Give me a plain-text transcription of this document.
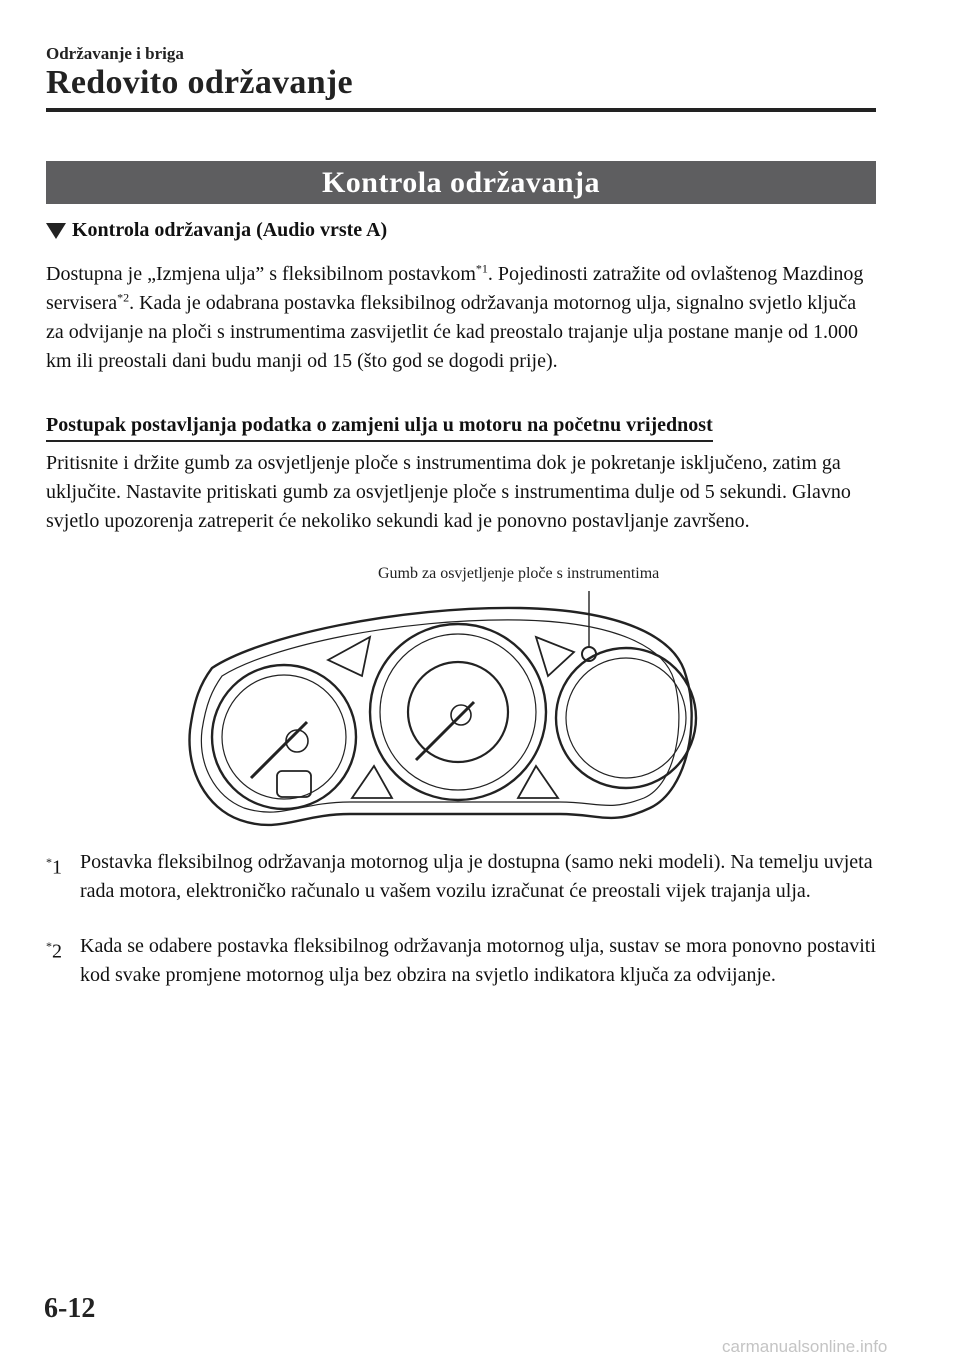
Održavanje i briga
Redovito održavanje
Kontrola održavanja
Kontrola održavanja (Audio vrste A)

Dostupna je „Izmjena ulja” s fleksibilnom postavkom$^{*1}$. Pojedinosti zatražite od ovlaštenog Mazdinog servisera$^{*2}$. Kada je odabrana postavka fleksibilnog održavanja motornog ulja, signalno svjetlo ključa za odvijanje na ploči s instrumentima zasvijetlit će kad preostalo trajanje ulja postane manje od 1.000 km ili preostali dani budu manji od 15 (što god se dogodi prije).

Postupak postavljanja podatka o zamjeni ulja u motoru na početnu vrijednost

Pritisnite i držite gumb za osvjetljenje ploče s instrumentima dok je pokretanje isključeno, zatim ga uključite. Nastavite pritiskati gumb za osvjetljenje ploče s instrumentima dulje od 5 sekundi. Glavno svjetlo upozorenja zatreperit će nekoliko sekundi kad je ponovno postavljanje završeno.

Gumb za osvjetljenje ploče s instrumentima
*1 Postavka fleksibilnog održavanja motornog ulja je dostupna (samo neki modeli). Na temelju uvjeta rada motora, elektroničko računalo u vašem vozilu izračunat će preostali vijek trajanja ulja.
*2 Kada se odabere postavka fleksibilnog održavanja motornog ulja, sustav se mora ponovno postaviti kod svake promjene motornog ulja bez obzira na svjetlo indikatora ključa za odvijanje.
6-12
carmanualsonline.info
